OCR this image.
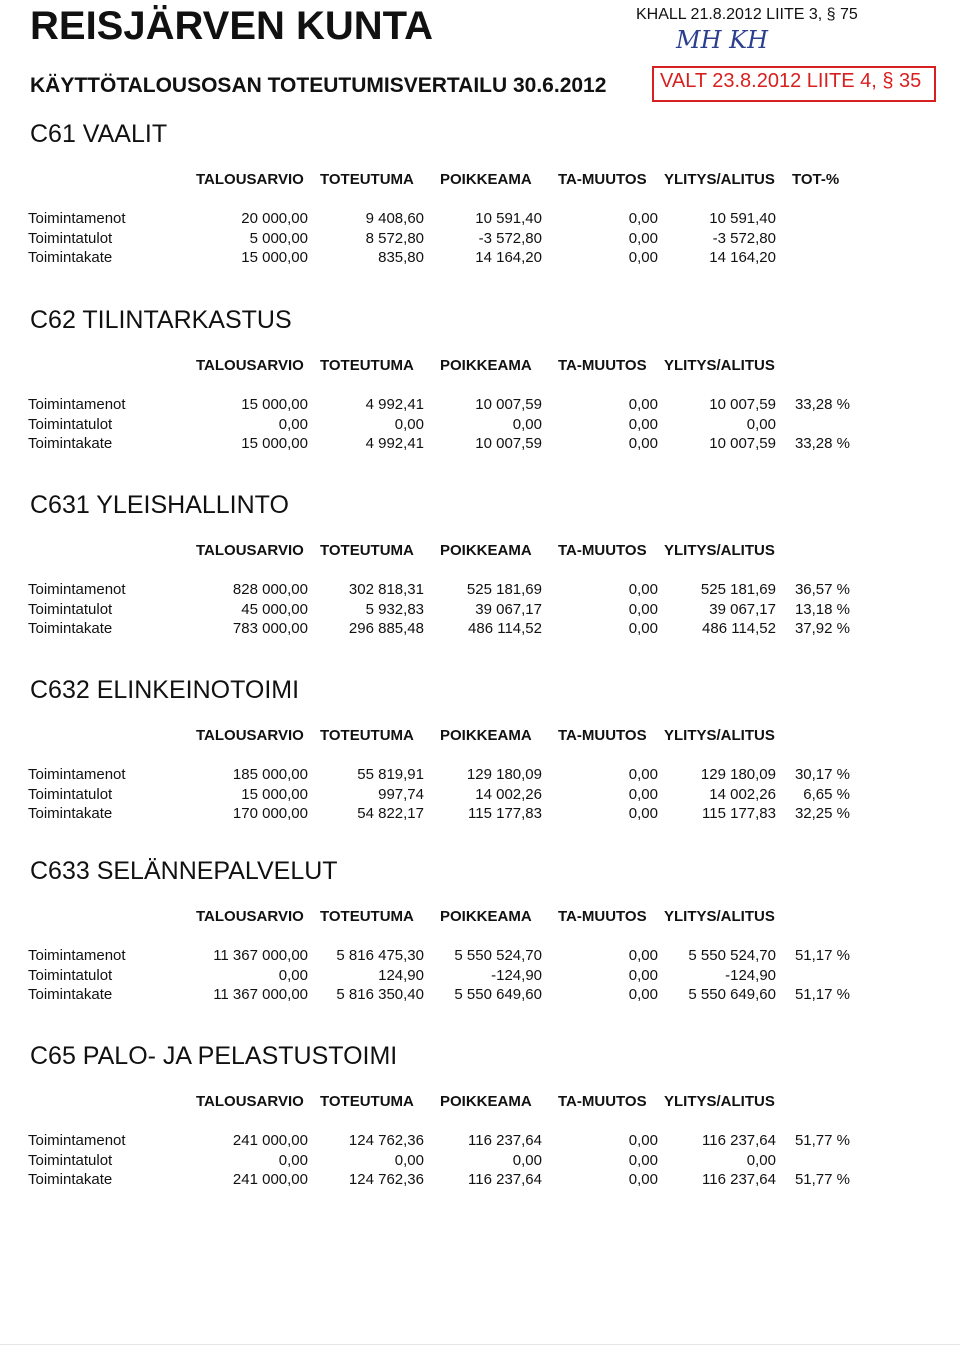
REISJÄRVEN KUNTA
KÄYTTÖTALOUSOSAN TOTEUTUMISVERTAILU 30.6.2012
KHALL 21.8.2012 LIITE 3, § 75
MH KH
VALT 23.8.2012 LIITE 4, § 35
C61 VAALIT
TALOUSARVIO TOTEUTUMA POIKKEAMA TA-MUUTOS YLITYS/ALITUS TOT-%
Toimintamenot	20 000,00	9 408,60	10 591,40	0,00	10 591,40
Toimintatulot	5 000,00	8 572,80	-3 572,80	0,00	-3 572,80
Toimintakate	15 000,00	835,80	14 164,20	0,00	14 164,20
C62 TILINTARKASTUS
TALOUSARVIO TOTEUTUMA POIKKEAMA TA-MUUTOS YLITYS/ALITUS
Toimintamenot	15 000,00	4 992,41	10 007,59	0,00	10 007,59	33,28 %
Toimintatulot	0,00	0,00	0,00	0,00	0,00
Toimintakate	15 000,00	4 992,41	10 007,59	0,00	10 007,59	33,28 %
C631 YLEISHALLINTO
TALOUSARVIO TOTEUTUMA POIKKEAMA TA-MUUTOS YLITYS/ALITUS
Toimintamenot	828 000,00	302 818,31	525 181,69	0,00	525 181,69	36,57 %
Toimintatulot	45 000,00	5 932,83	39 067,17	0,00	39 067,17	13,18 %
Toimintakate	783 000,00	296 885,48	486 114,52	0,00	486 114,52	37,92 %
C632 ELINKEINOTOIMI
TALOUSARVIO TOTEUTUMA POIKKEAMA TA-MUUTOS YLITYS/ALITUS
Toimintamenot	185 000,00	55 819,91	129 180,09	0,00	129 180,09	30,17 %
Toimintatulot	15 000,00	997,74	14 002,26	0,00	14 002,26	6,65 %
Toimintakate	170 000,00	54 822,17	115 177,83	0,00	115 177,83	32,25 %
C633 SELÄNNEPALVELUT
TALOUSARVIO TOTEUTUMA POIKKEAMA TA-MUUTOS YLITYS/ALITUS
Toimintamenot	11 367 000,00	5 816 475,30	5 550 524,70	0,00	5 550 524,70	51,17 %
Toimintatulot	0,00	124,90	-124,90	0,00	-124,90
Toimintakate	11 367 000,00	5 816 350,40	5 550 649,60	0,00	5 550 649,60	51,17 %
C65 PALO- JA PELASTUSTOIMI
TALOUSARVIO TOTEUTUMA POIKKEAMA TA-MUUTOS YLITYS/ALITUS
Toimintamenot	241 000,00	124 762,36	116 237,64	0,00	116 237,64	51,77 %
Toimintatulot	0,00	0,00	0,00	0,00	0,00
Toimintakate	241 000,00	124 762,36	116 237,64	0,00	116 237,64	51,77 %
